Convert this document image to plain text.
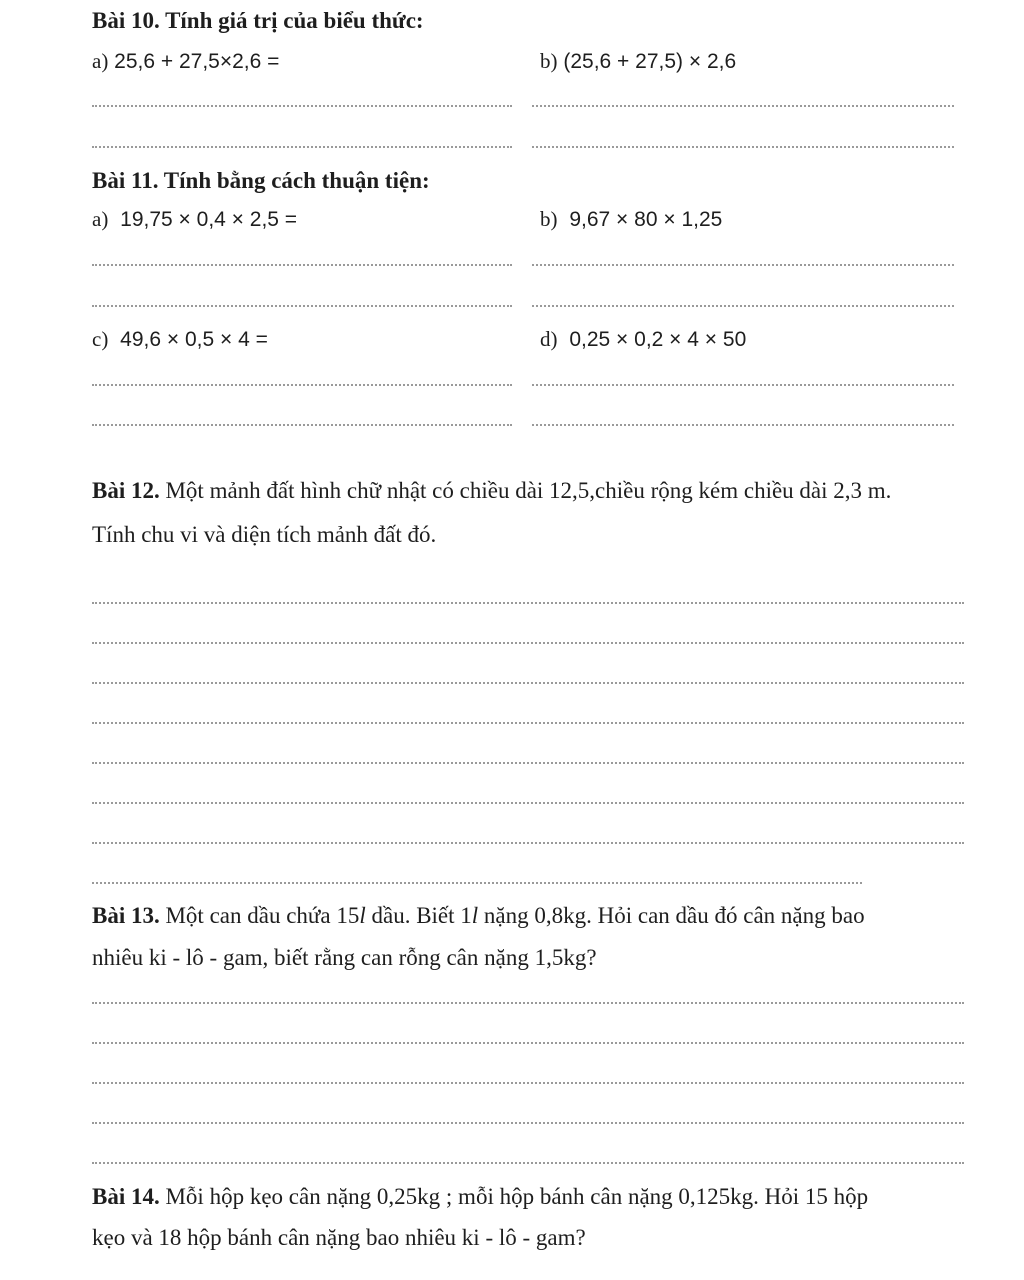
Bài 10. Tính giá trị của biểu thức:
a) 25,6 + 27,5×2,6 =	b) (25,6 + 27,5) × 2,6
Bài 11. Tính bằng cách thuận tiện:
a) 19,75 × 0,4 × 2,5 =	b) 9,67 × 80 × 1,25
c) 49,6 × 0,5 × 4 =	d) 0,25 × 0,2 × 4 × 50
Bài 12. Một mảnh đất hình chữ nhật có chiều dài 12,5,chiều rộng kém chiều dài 2,3 m.
Tính chu vi và diện tích mảnh đất đó.
Bài 13. Một can dầu chứa 15l dầu. Biết 1l nặng 0,8kg. Hỏi can dầu đó cân nặng bao
nhiêu ki - lô - gam, biết rằng can rỗng cân nặng 1,5kg?
Bài 14. Mỗi hộp kẹo cân nặng 0,25kg ; mỗi hộp bánh cân nặng 0,125kg. Hỏi 15 hộp
kẹo và 18 hộp bánh cân nặng bao nhiêu ki - lô - gam?
